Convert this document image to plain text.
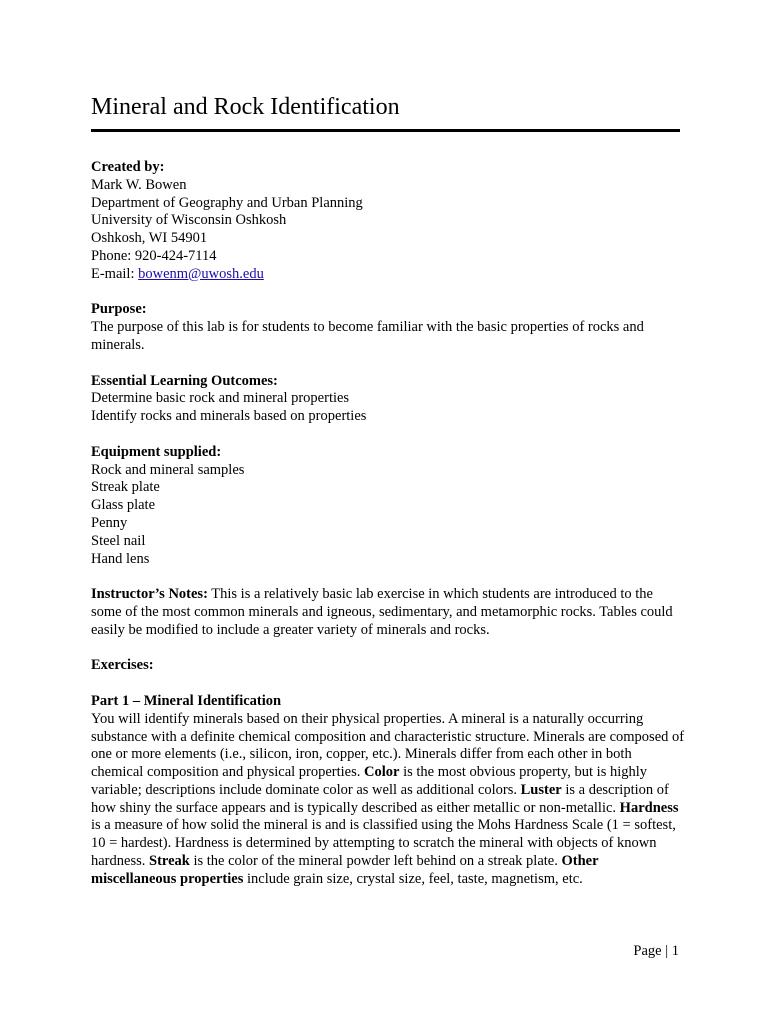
Mineral and Rock Identification
Created by:
Mark W. Bowen
Department of Geography and Urban Planning
University of Wisconsin Oshkosh
Oshkosh, WI 54901
Phone: 920-424-7114
E-mail: bowenm@uwosh.edu
Purpose:
The purpose of this lab is for students to become familiar with the basic properties of rocks and minerals.
Essential Learning Outcomes:
Determine basic rock and mineral properties
Identify rocks and minerals based on properties
Equipment supplied:
Rock and mineral samples
Streak plate
Glass plate
Penny
Steel nail
Hand lens
Instructor’s Notes: This is a relatively basic lab exercise in which students are introduced to the some of the most common minerals and igneous, sedimentary, and metamorphic rocks. Tables could easily be modified to include a greater variety of minerals and rocks.
Exercises:
Part 1 – Mineral Identification
You will identify minerals based on their physical properties. A mineral is a naturally occurring substance with a definite chemical composition and characteristic structure. Minerals are composed of one or more elements (i.e., silicon, iron, copper, etc.). Minerals differ from each other in both chemical composition and physical properties. Color is the most obvious property, but is highly variable; descriptions include dominate color as well as additional colors. Luster is a description of how shiny the surface appears and is typically described as either metallic or non-metallic. Hardness is a measure of how solid the mineral is and is classified using the Mohs Hardness Scale (1 = softest, 10 = hardest). Hardness is determined by attempting to scratch the mineral with objects of known hardness. Streak is the color of the mineral powder left behind on a streak plate. Other miscellaneous properties include grain size, crystal size, feel, taste, magnetism, etc.
Page | 1
